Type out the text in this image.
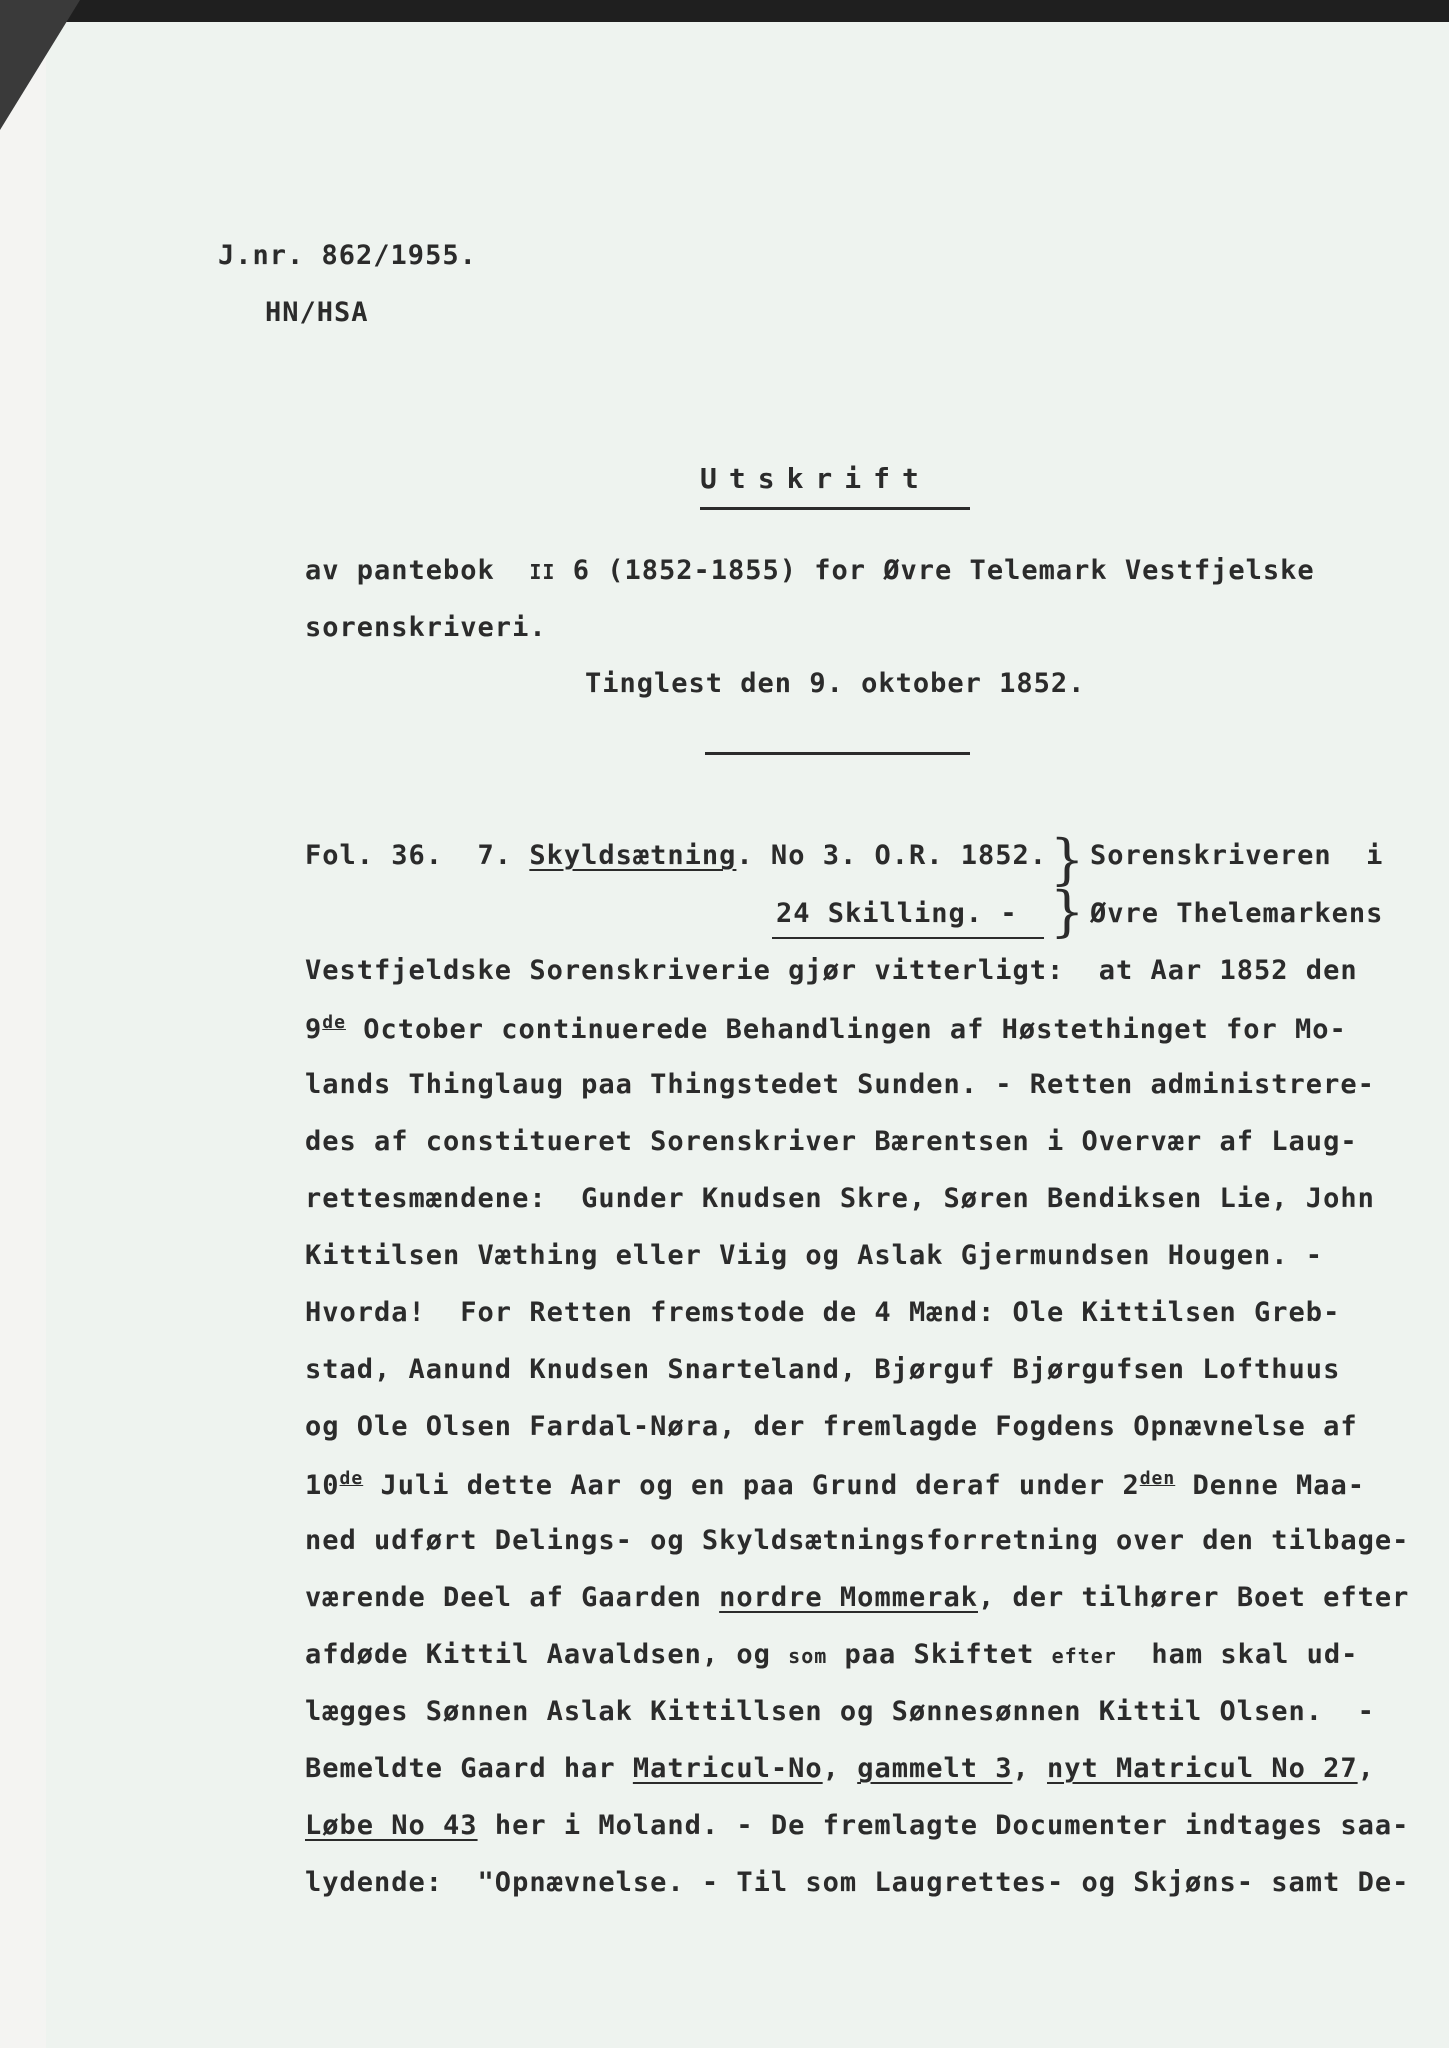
J.nr. 862/1955.
HN/HSA
Utskrift
av pantebok II 6 (1852-1855) for Øvre Telemark Vestfjelske
sorenskriveri.
Tinglest den 9. oktober 1852.
Fol. 36.  7. Skyldsætning. No 3. O.R. 1852.
24 Skilling. -
}
}
Sorenskriveren  i
Øvre Thelemarkens
Vestfjeldske Sorenskriverie gjør vitterligt:  at Aar 1852 den
9de October continuerede Behandlingen af Høstethinget for Mo-
lands Thinglaug paa Thingstedet Sunden. - Retten administrere-
des af constitueret Sorenskriver Bærentsen i Overvær af Laug-
rettesmændene:  Gunder Knudsen Skre, Søren Bendiksen Lie, John
Kittilsen Væthing eller Viig og Aslak Gjermundsen Hougen. -
Hvorda!  For Retten fremstode de 4 Mænd: Ole Kittilsen Greb-
stad, Aanund Knudsen Snarteland, Bjørguf Bjørgufsen Lofthuus
og Ole Olsen Fardal-Nøra, der fremlagde Fogdens Opnævnelse af
10de Juli dette Aar og en paa Grund deraf under $2^{den}$ Denne Maa-
ned udført Delings- og Skyldsætningsforretning over den tilbage-
værende Deel af Gaarden nordre Mommerak, der tilhører Boet efter
afdøde Kittil Aavaldsen, og som paa Skiftet efter  ham skal ud-
lægges Sønnen Aslak Kittillsen og Sønnesønnen Kittil Olsen.  -
Bemeldte Gaard har Matricul-No, gammelt 3, nyt Matricul No 27,
Løbe No 43 her i Moland. - De fremlagte Documenter indtages saa-
lydende:  "Opnævnelse. - Til som Laugrettes- og Skjøns- samt De-
